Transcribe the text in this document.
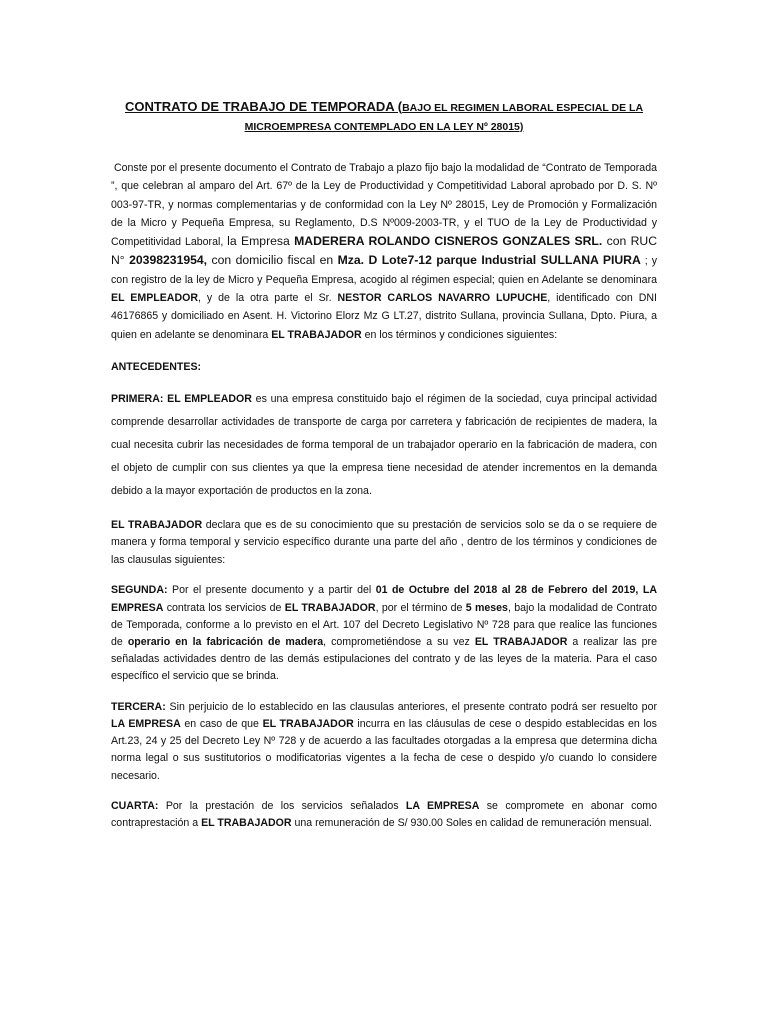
CONTRATO DE TRABAJO DE TEMPORADA (BAJO EL REGIMEN LABORAL ESPECIAL DE LA
MICROEMPRESA CONTEMPLADO EN LA LEY Nº 28015)

Conste por el presente documento el Contrato de Trabajo a plazo fijo bajo la modalidad de “Contrato de Temporada ”, que celebran al amparo del Art. 67º de la Ley de Productividad y Competitividad Laboral aprobado por D. S. Nº 003-97-TR, y normas complementarias y de conformidad con la Ley Nº 28015, Ley de Promoción y Formalización de la Micro y Pequeña Empresa, su Reglamento, D.S Nº009-2003-TR, y el TUO de la Ley de Productividad y Competitividad Laboral, la Empresa MADERERA ROLANDO CISNEROS GONZALES SRL. con RUC N° 20398231954, con domicilio fiscal en Mza. D Lote7-12 parque Industrial SULLANA PIURA ; y con registro de la ley de Micro y Pequeña Empresa, acogido al régimen especial; quien en Adelante se denominara EL EMPLEADOR, y de la otra parte el Sr. NESTOR CARLOS NAVARRO LUPUCHE, identificado con DNI 46176865 y domiciliado en Asent. H. Victorino Elorz Mz G LT.27, distrito Sullana, provincia Sullana, Dpto. Piura, a quien en adelante se denominara EL TRABAJADOR en los términos y condiciones siguientes:

ANTECEDENTES:

PRIMERA: EL EMPLEADOR es una empresa constituido bajo el régimen de la sociedad, cuya principal actividad comprende desarrollar actividades de transporte de carga por carretera y fabricación de recipientes de madera, la cual necesita cubrir las necesidades de forma temporal de un trabajador operario en la fabricación de madera, con el objeto de cumplir con sus clientes ya que la empresa tiene necesidad de atender incrementos en la demanda debido a la mayor exportación de productos en la zona.

EL TRABAJADOR declara que es de su conocimiento que su prestación de servicios solo se da o se requiere de manera y forma temporal y servicio específico durante una parte del año , dentro de los términos y condiciones de las clausulas siguientes:

SEGUNDA: Por el presente documento y a partir del 01 de Octubre del 2018 al 28 de Febrero del 2019, LA EMPRESA contrata los servicios de EL TRABAJADOR, por el término de 5 meses, bajo la modalidad de Contrato de Temporada, conforme a lo previsto en el Art. 107 del Decreto Legislativo Nº 728 para que realice las funciones de operario en la fabricación de madera, comprometiéndose a su vez EL TRABAJADOR a realizar las pre señaladas actividades dentro de las demás estipulaciones del contrato y de las leyes de la materia. Para el caso específico el servicio que se brinda.

TERCERA: Sin perjuicio de lo establecido en las clausulas anteriores, el presente contrato podrá ser resuelto por LA EMPRESA en caso de que EL TRABAJADOR incurra en las cláusulas de cese o despido establecidas en los Art.23, 24 y 25 del Decreto Ley Nº 728 y de acuerdo a las facultades otorgadas a la empresa que determina dicha norma legal o sus sustitutorios o modificatorias vigentes a la fecha de cese o despido y/o cuando lo considere necesario.

CUARTA: Por la prestación de los servicios señalados LA EMPRESA se compromete en abonar como contraprestación a EL TRABAJADOR una remuneración de S/ 930.00 Soles en calidad de remuneración mensual.
